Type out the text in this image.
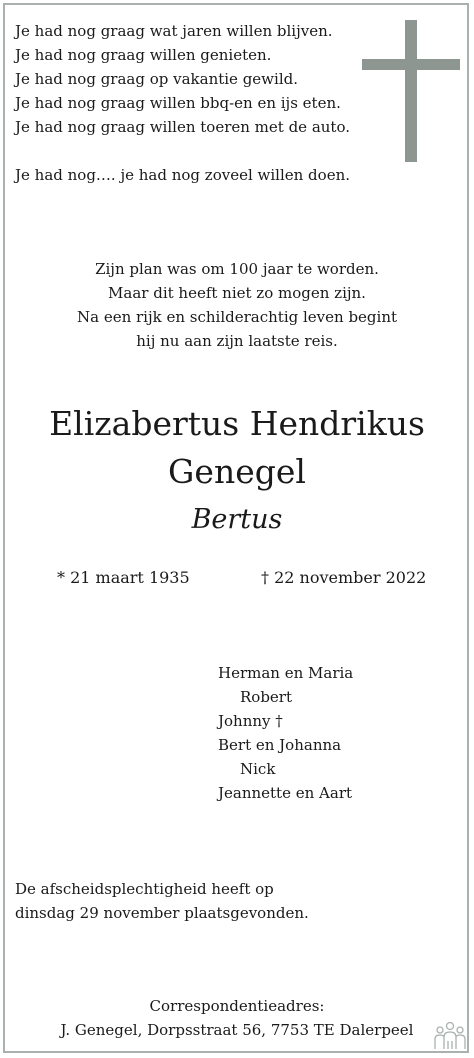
Je had nog graag wat jaren willen blijven.
Je had nog graag willen genieten.
Je had nog graag op vakantie gewild.
Je had nog graag willen bbq-en en ijs eten.
Je had nog graag willen toeren met de auto.
Je had nog…. je had nog zoveel willen doen.
Zijn plan was om 100 jaar te worden.
Maar dit heeft niet zo mogen zijn.
Na een rijk en schilderachtig leven begint
hij nu aan zijn laatste reis.
Elizabertus Hendrikus
Genegel
Bertus
* 21 maart 1935	† 22 november 2022
Herman en Maria
Robert
Johnny †
Bert en Johanna
Nick
Jeannette en Aart
De afscheidsplechtigheid heeft op
dinsdag 29 november plaatsgevonden.
Correspondentieadres:
J. Genegel, Dorpsstraat 56, 7753 TE Dalerpeel
